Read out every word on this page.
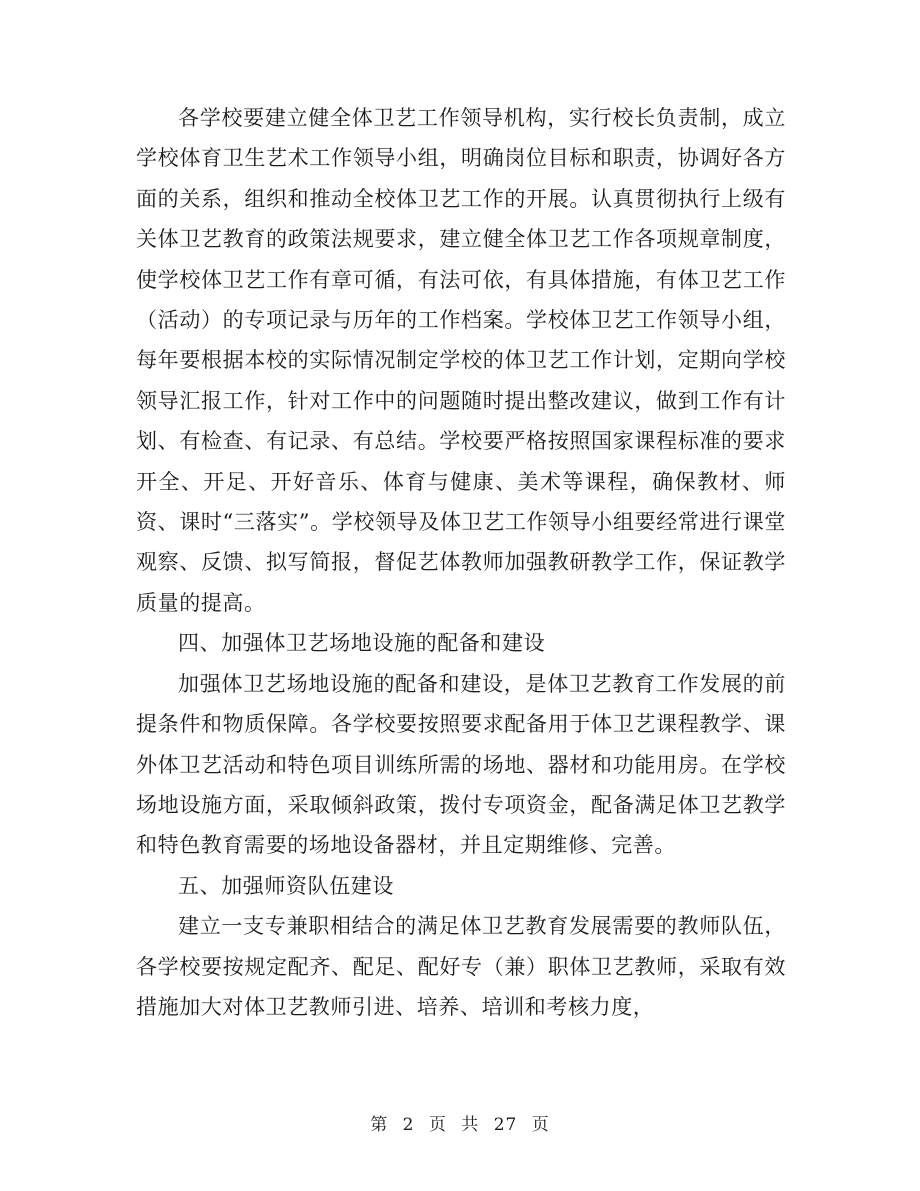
各学校要建立健全体卫艺工作领导机构，实行校长负责制，成立学校体育卫生艺术工作领导小组，明确岗位目标和职责，协调好各方面的关系，组织和推动全校体卫艺工作的开展。认真贯彻执行上级有关体卫艺教育的政策法规要求，建立健全体卫艺工作各项规章制度，使学校体卫艺工作有章可循，有法可依，有具体措施，有体卫艺工作（活动）的专项记录与历年的工作档案。学校体卫艺工作领导小组，每年要根据本校的实际情况制定学校的体卫艺工作计划，定期向学校领导汇报工作，针对工作中的问题随时提出整改建议，做到工作有计划、有检查、有记录、有总结。学校要严格按照国家课程标准的要求开全、开足、开好音乐、体育与健康、美术等课程，确保教材、师资、课时“三落实”。学校领导及体卫艺工作领导小组要经常进行课堂观察、反馈、拟写简报，督促艺体教师加强教研教学工作，保证教学质量的提高。

四、加强体卫艺场地设施的配备和建设

加强体卫艺场地设施的配备和建设，是体卫艺教育工作发展的前提条件和物质保障。各学校要按照要求配备用于体卫艺课程教学、课外体卫艺活动和特色项目训练所需的场地、器材和功能用房。在学校场地设施方面，采取倾斜政策，拨付专项资金，配备满足体卫艺教学和特色教育需要的场地设备器材，并且定期维修、完善。

五、加强师资队伍建设

建立一支专兼职相结合的满足体卫艺教育发展需要的教师队伍，各学校要按规定配齐、配足、配好专（兼）职体卫艺教师，采取有效措施加大对体卫艺教师引进、培养、培训和考核力度，

第 2 页 共 27 页
